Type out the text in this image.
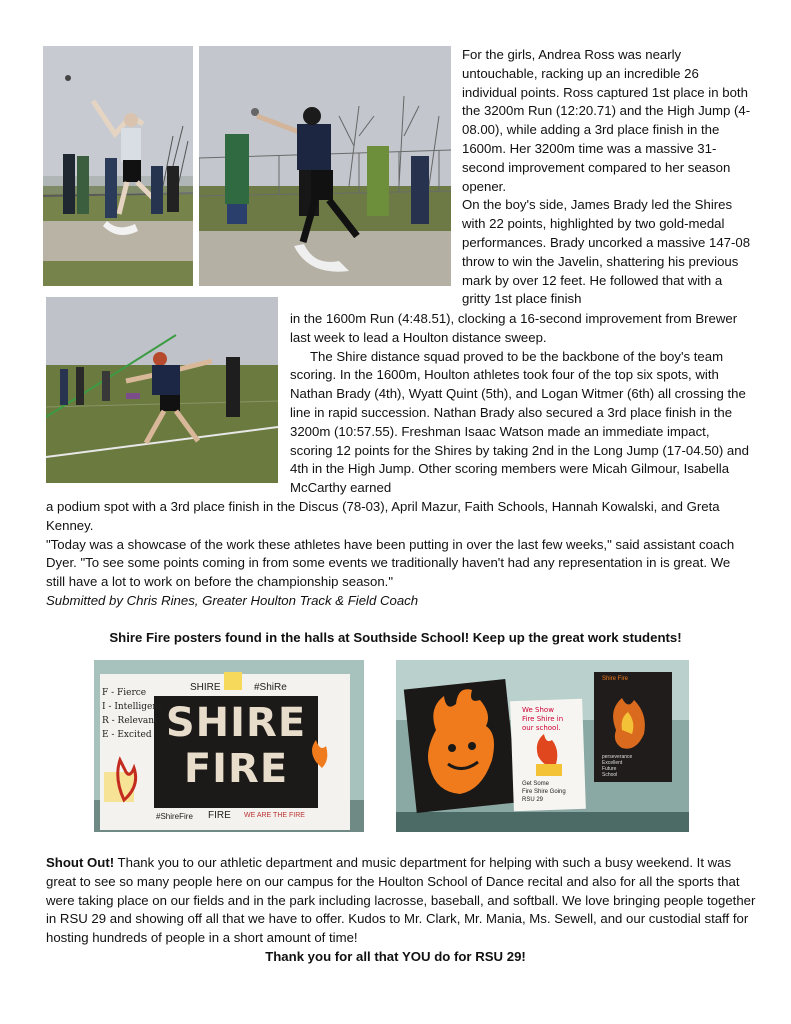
For the girls, Andrea Ross was nearly untouchable, racking up an incredible 26 individual points. Ross captured 1st place in both the 3200m Run (12:20.71) and the High Jump (4-08.00), while adding a 3rd place finish in the 1600m. Her 3200m time was a massive 31-second improvement compared to her season opener.

On the boy's side, James Brady led the Shires with 22 points, highlighted by two gold-medal performances. Brady uncorked a massive 147-08 throw to win the Javelin, shattering his previous mark by over 12 feet. He followed that with a gritty 1st place finish

in the 1600m Run (4:48.51), clocking a 16-second improvement from Brewer last week to lead a Houlton distance sweep.

The Shire distance squad proved to be the backbone of the boy's team scoring. In the 1600m, Houlton athletes took four of the top six spots, with Nathan Brady (4th), Wyatt Quint (5th), and Logan Witmer (6th) all crossing the line in rapid succession. Nathan Brady also secured a 3rd place finish in the 3200m (10:57.55). Freshman Isaac Watson made an immediate impact, scoring 12 points for the Shires by taking 2nd in the Long Jump (17-04.50) and 4th in the High Jump. Other scoring members were Micah Gilmour, Isabella McCarthy earned

a podium spot with a 3rd place finish in the Discus (78-03), April Mazur, Faith Schools, Hannah Kowalski, and Greta Kenney.

"Today was a showcase of the work these athletes have been putting in over the last few weeks," said assistant coach Dyer. "To see some points coming in from some events we traditionally haven't had any representation in is great. We still have a lot to work on before the championship season."

Submitted by Chris Rines, Greater Houlton Track & Field Coach

Shire Fire posters found in the halls at Southside School! Keep up the great work students!
SHIRE
FIRE
F - Fierce
I - Intelligent
R - Relevant
E - Excited
SHIRE	#ShiRe
#ShireFire FIRE WE ARE THE FIRE
We Show
Fire Shire in
our school.
Get Some
Fire Shire Going
RSU 29
Shire Fire
perseverance
Excellent
Future
School

Shout Out! Thank you to our athletic department and music department for helping with such a busy weekend. It was great to see so many people here on our campus for the Houlton School of Dance recital and also for all the sports that were taking place on our fields and in the park including lacrosse, baseball, and softball. We love bringing people together in RSU 29 and showing off all that we have to offer. Kudos to Mr. Clark, Mr. Mania, Ms. Sewell, and our custodial staff for hosting hundreds of people in a short amount of time!

Thank you for all that YOU do for RSU 29!
